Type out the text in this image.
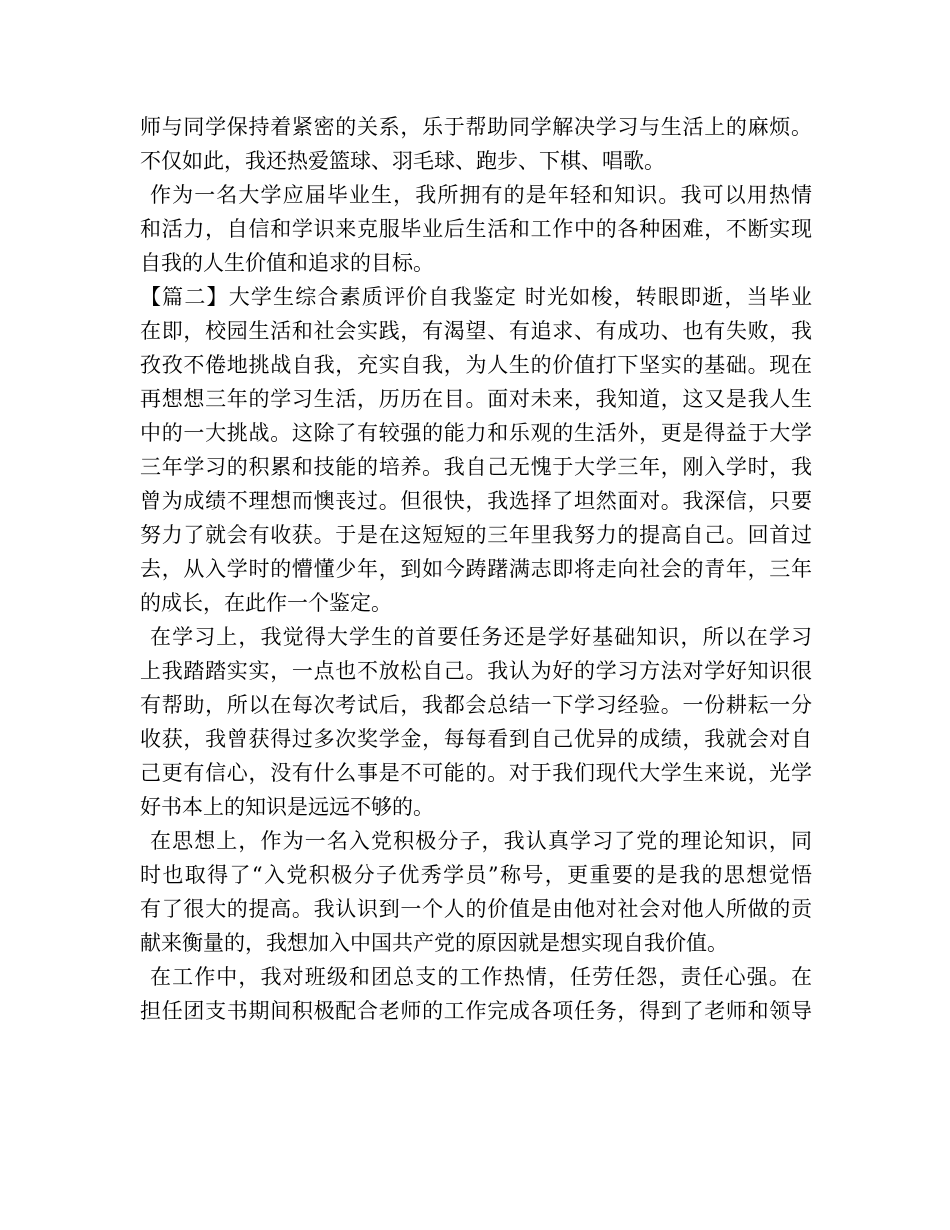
师与同学保持着紧密的关系，乐于帮助同学解决学习与生活上的麻烦。
不仅如此，我还热爱篮球、羽毛球、跑步、下棋、唱歌。
作为一名大学应届毕业生，我所拥有的是年轻和知识。我可以用热情
和活力，自信和学识来克服毕业后生活和工作中的各种困难，不断实现
自我的人生价值和追求的目标。
【篇二】大学生综合素质评价自我鉴定 时光如梭，转眼即逝，当毕业
在即，校园生活和社会实践，有渴望、有追求、有成功、也有失败，我
孜孜不倦地挑战自我，充实自我，为人生的价值打下坚实的基础。现在
再想想三年的学习生活，历历在目。面对未来，我知道，这又是我人生
中的一大挑战。这除了有较强的能力和乐观的生活外，更是得益于大学
三年学习的积累和技能的培养。我自己无愧于大学三年，刚入学时，我
曾为成绩不理想而懊丧过。但很快，我选择了坦然面对。我深信，只要
努力了就会有收获。于是在这短短的三年里我努力的提高自己。回首过
去，从入学时的懵懂少年，到如今踌躇满志即将走向社会的青年，三年
的成长，在此作一个鉴定。
在学习上，我觉得大学生的首要任务还是学好基础知识，所以在学习
上我踏踏实实，一点也不放松自己。我认为好的学习方法对学好知识很
有帮助，所以在每次考试后，我都会总结一下学习经验。一份耕耘一分
收获，我曾获得过多次奖学金，每每看到自己优异的成绩，我就会对自
己更有信心，没有什么事是不可能的。对于我们现代大学生来说，光学
好书本上的知识是远远不够的。
在思想上，作为一名入党积极分子，我认真学习了党的理论知识，同
时也取得了“入党积极分子优秀学员”称号，更重要的是我的思想觉悟
有了很大的提高。我认识到一个人的价值是由他对社会对他人所做的贡
献来衡量的，我想加入中国共产党的原因就是想实现自我价值。
在工作中，我对班级和团总支的工作热情，任劳任怨，责任心强。在
担任团支书期间积极配合老师的工作完成各项任务，得到了老师和领导
